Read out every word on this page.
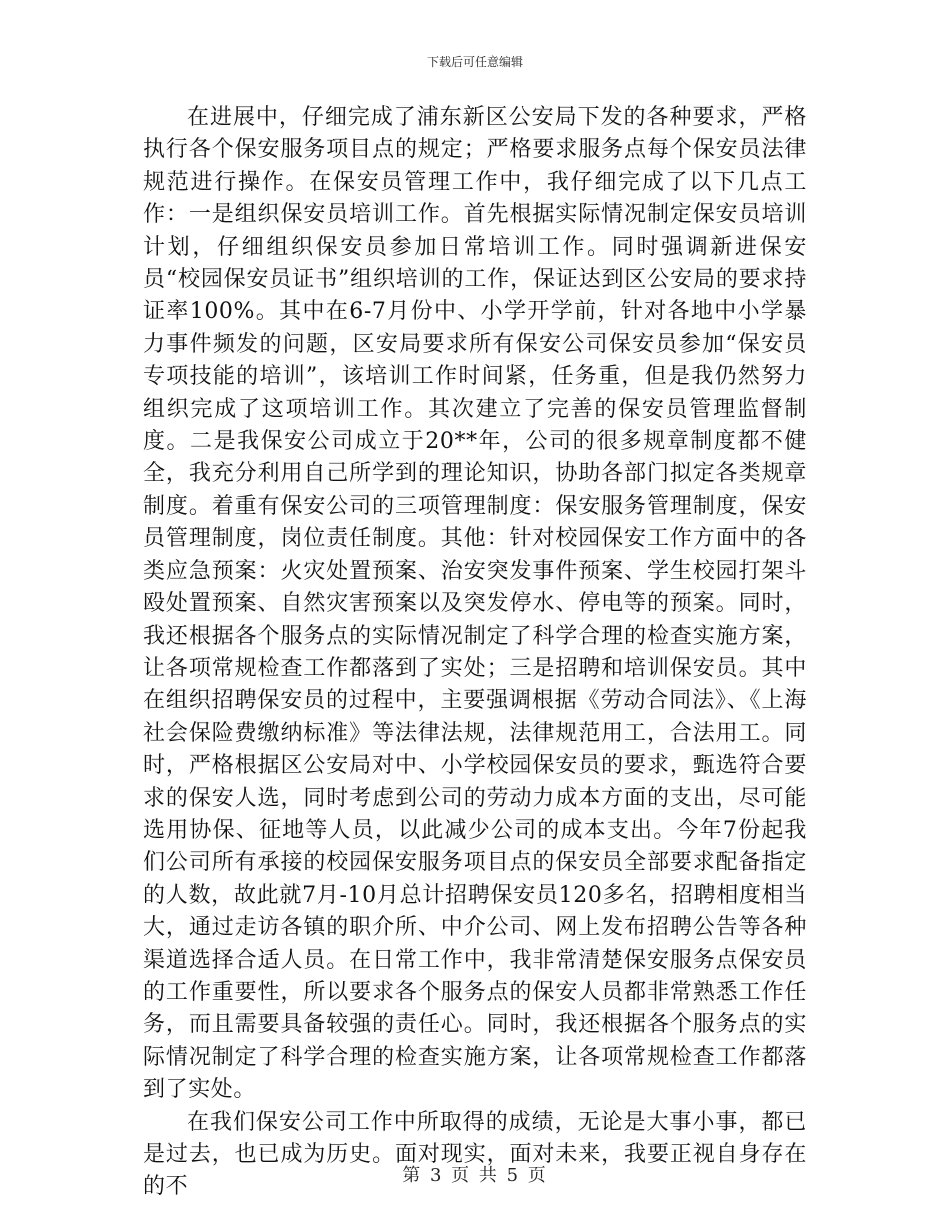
下载后可任意编辑

在进展中，仔细完成了浦东新区公安局下发的各种要求，严格执行各个保安服务项目点的规定；严格要求服务点每个保安员法律规范进行操作。在保安员管理工作中，我仔细完成了以下几点工作：一是组织保安员培训工作。首先根据实际情况制定保安员培训计划，仔细组织保安员参加日常培训工作。同时强调新进保安员“校园保安员证书”组织培训的工作，保证达到区公安局的要求持证率100%。其中在6-7月份中、小学开学前，针对各地中小学暴力事件频发的问题，区安局要求所有保安公司保安员参加“保安员专项技能的培训”，该培训工作时间紧，任务重，但是我仍然努力组织完成了这项培训工作。其次建立了完善的保安员管理监督制度。二是我保安公司成立于20**年，公司的很多规章制度都不健全，我充分利用自己所学到的理论知识，协助各部门拟定各类规章制度。着重有保安公司的三项管理制度：保安服务管理制度，保安员管理制度，岗位责任制度。其他：针对校园保安工作方面中的各类应急预案：火灾处置预案、治安突发事件预案、学生校园打架斗殴处置预案、自然灾害预案以及突发停水、停电等的预案。同时，我还根据各个服务点的实际情况制定了科学合理的检查实施方案，让各项常规检查工作都落到了实处；三是招聘和培训保安员。其中在组织招聘保安员的过程中，主要强调根据《劳动合同法》、《上海社会保险费缴纳标准》等法律法规，法律规范用工，合法用工。同时，严格根据区公安局对中、小学校园保安员的要求，甄选符合要求的保安人选，同时考虑到公司的劳动力成本方面的支出，尽可能选用协保、征地等人员，以此减少公司的成本支出。今年7份起我们公司所有承接的校园保安服务项目点的保安员全部要求配备指定的人数，故此就7月-10月总计招聘保安员120多名，招聘相度相当大，通过走访各镇的职介所、中介公司、网上发布招聘公告等各种渠道选择合适人员。在日常工作中，我非常清楚保安服务点保安员的工作重要性，所以要求各个服务点的保安人员都非常熟悉工作任务，而且需要具备较强的责任心。同时，我还根据各个服务点的实际情况制定了科学合理的检查实施方案，让各项常规检查工作都落到了实处。

在我们保安公司工作中所取得的成绩，无论是大事小事，都已是过去，也已成为历史。面对现实，面对未来，我要正视自身存在的不	第 3 页 共 5 页
